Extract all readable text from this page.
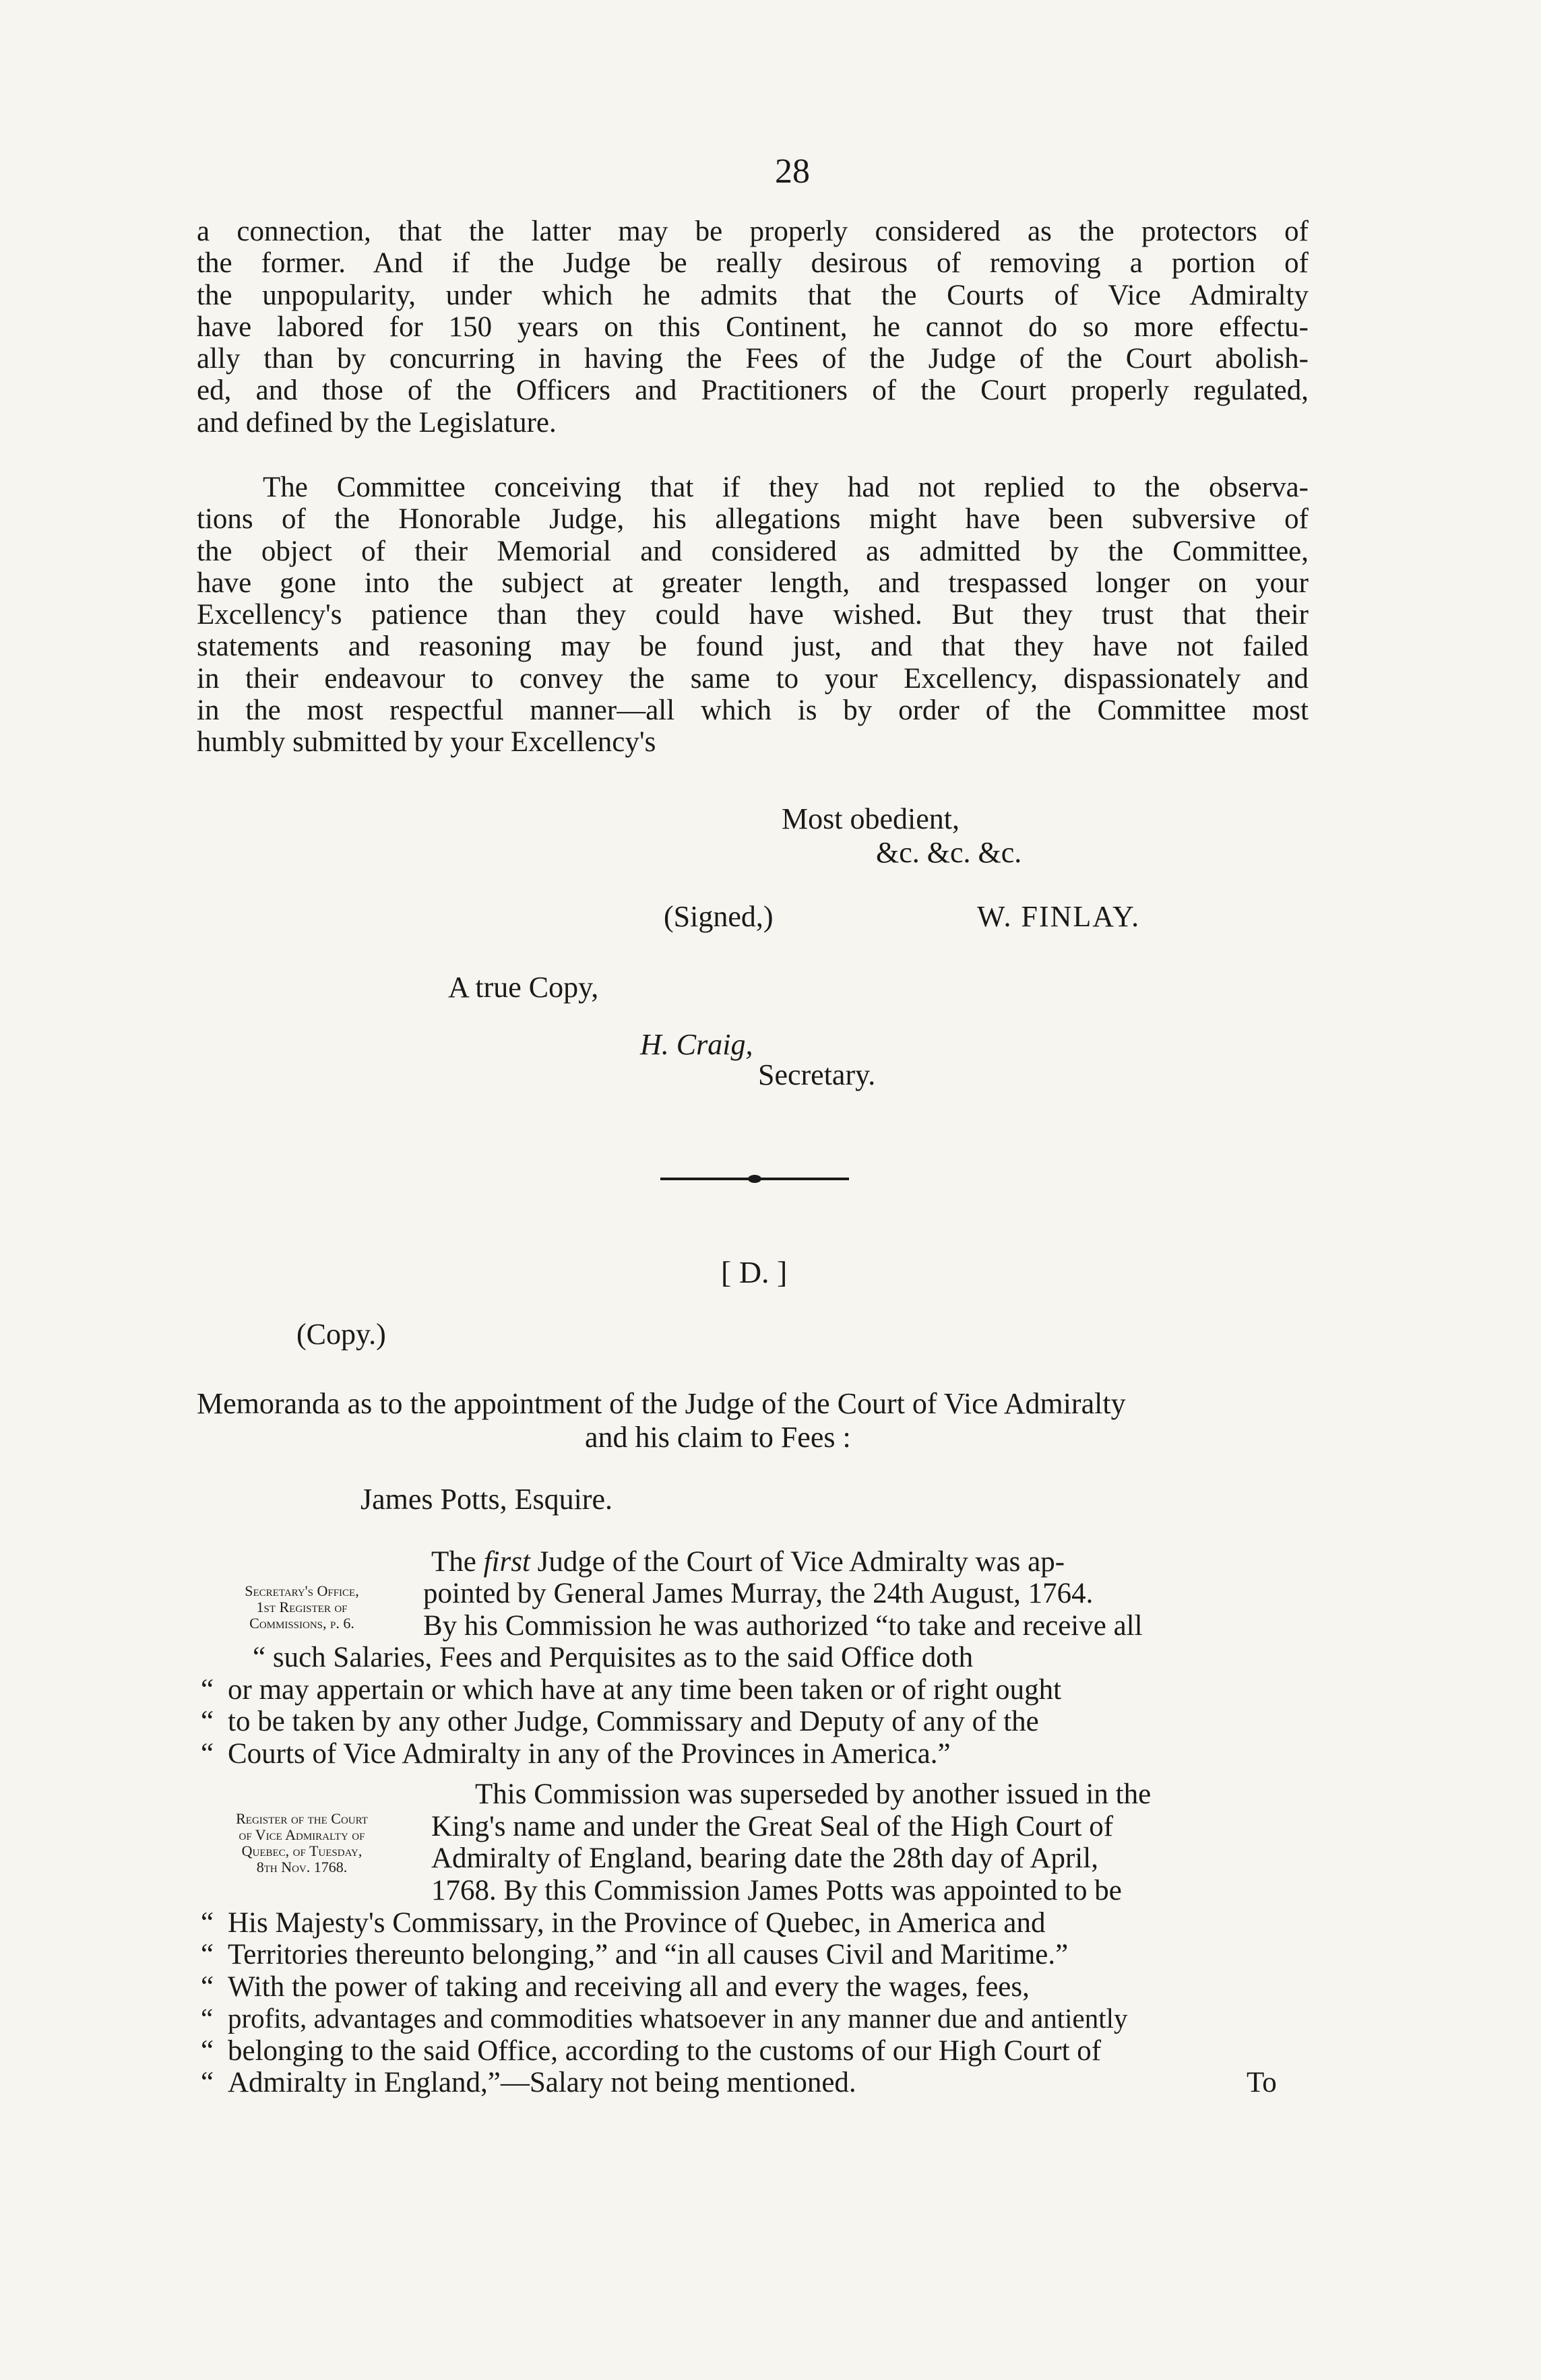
28
a connection, that the latter may be properly considered as the protectors of
the former. And if the Judge be really desirous of removing a portion of
the unpopularity, under which he admits that the Courts of Vice Admiralty
have labored for 150 years on this Continent, he cannot do so more effectu-
ally than by concurring in having the Fees of the Judge of the Court abolish-
ed, and those of the Officers and Practitioners of the Court properly regulated,
and defined by the Legislature.
The Committee conceiving that if they had not replied to the observa-
tions of the Honorable Judge, his allegations might have been subversive of
the object of their Memorial and considered as admitted by the Committee,
have gone into the subject at greater length, and trespassed longer on your
Excellency's patience than they could have wished. But they trust that their
statements and reasoning may be found just, and that they have not failed
in their endeavour to convey the same to your Excellency, dispassionately and
in the most respectful manner—all which is by order of the Committee most
humbly submitted by your Excellency's
Most obedient,
&c. &c. &c.
(Signed,)	W. FINLAY.
A true Copy,
H. Craig,
Secretary.
[ D. ]
(Copy.)
Memoranda as to the appointment of the Judge of the Court of Vice Admiralty
and his claim to Fees :
James Potts, Esquire.
Secretary's Office,
1st Register of
Commissions, p. 6.
The first Judge of the Court of Vice Admiralty was ap-
pointed by General James Murray, the 24th August, 1764.
By his Commission he was authorized “to take and receive all
“ such Salaries, Fees and Perquisites as to the said Office doth
“ or may appertain or which have at any time been taken or of right ought
“ to be taken by any other Judge, Commissary and Deputy of any of the
“ Courts of Vice Admiralty in any of the Provinces in America.”
Register of the Court
of Vice Admiralty of
Quebec, of Tuesday,
8th Nov. 1768.
This Commission was superseded by another issued in the
King's name and under the Great Seal of the High Court of
Admiralty of England, bearing date the 28th day of April,
1768. By this Commission James Potts was appointed to be
“ His Majesty's Commissary, in the Province of Quebec, in America and
“ Territories thereunto belonging,” and “in all causes Civil and Maritime.”
“ With the power of taking and receiving all and every the wages, fees,
“ profits, advantages and commodities whatsoever in any manner due and antiently
“ belonging to the said Office, according to the customs of our High Court of
“ Admiralty in England,”—Salary not being mentioned.	To
